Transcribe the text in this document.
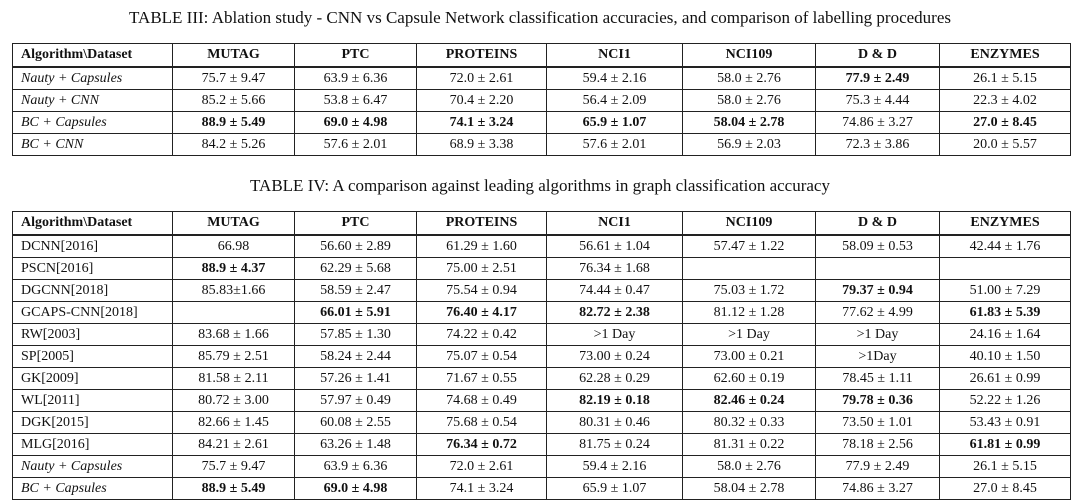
TABLE III: Ablation study - CNN vs Capsule Network classification accuracies, and comparison of labelling procedures
Algorithm\Dataset	MUTAG	PTC	PROTEINS	NCI1	NCI109	D & D	ENZYMES
Nauty + Capsules	75.7 ± 9.47	63.9 ± 6.36	72.0 ± 2.61	59.4 ± 2.16	58.0 ± 2.76	77.9 ± 2.49	26.1 ± 5.15
Nauty + CNN	85.2 ± 5.66	53.8 ± 6.47	70.4 ± 2.20	56.4 ± 2.09	58.0 ± 2.76	75.3 ± 4.44	22.3 ± 4.02
BC + Capsules	88.9 ± 5.49	69.0 ± 4.98	74.1 ± 3.24	65.9 ± 1.07	58.04 ± 2.78	74.86 ± 3.27	27.0 ± 8.45
BC + CNN	84.2 ± 5.26	57.6 ± 2.01	68.9 ± 3.38	57.6 ± 2.01	56.9 ± 2.03	72.3 ± 3.86	20.0 ± 5.57
TABLE IV: A comparison against leading algorithms in graph classification accuracy
Algorithm\Dataset	MUTAG	PTC	PROTEINS	NCI1	NCI109	D & D	ENZYMES
DCNN[2016]	66.98	56.60 ± 2.89	61.29 ± 1.60	56.61 ± 1.04	57.47 ± 1.22	58.09 ± 0.53	42.44 ± 1.76
PSCN[2016]	88.9 ± 4.37	62.29 ± 5.68	75.00 ± 2.51	76.34 ± 1.68			
DGCNN[2018]	85.83±1.66	58.59 ± 2.47	75.54 ± 0.94	74.44 ± 0.47	75.03 ± 1.72	79.37 ± 0.94	51.00 ± 7.29
GCAPS-CNN[2018]		66.01 ± 5.91	76.40 ± 4.17	82.72 ± 2.38	81.12 ± 1.28	77.62 ± 4.99	61.83 ± 5.39
RW[2003]	83.68 ± 1.66	57.85 ± 1.30	74.22 ± 0.42	>1 Day	>1 Day	>1 Day	24.16 ± 1.64
SP[2005]	85.79 ± 2.51	58.24 ± 2.44	75.07 ± 0.54	73.00 ± 0.24	73.00 ± 0.21	>1Day	40.10 ± 1.50
GK[2009]	81.58 ± 2.11	57.26 ± 1.41	71.67 ± 0.55	62.28 ± 0.29	62.60 ± 0.19	78.45 ± 1.11	26.61 ± 0.99
WL[2011]	80.72 ± 3.00	57.97 ± 0.49	74.68 ± 0.49	82.19 ± 0.18	82.46 ± 0.24	79.78 ± 0.36	52.22 ± 1.26
DGK[2015]	82.66 ± 1.45	60.08 ± 2.55	75.68 ± 0.54	80.31 ± 0.46	80.32 ± 0.33	73.50 ± 1.01	53.43 ± 0.91
MLG[2016]	84.21 ± 2.61	63.26 ± 1.48	76.34 ± 0.72	81.75 ± 0.24	81.31 ± 0.22	78.18 ± 2.56	61.81 ± 0.99
Nauty + Capsules	75.7 ± 9.47	63.9 ± 6.36	72.0 ± 2.61	59.4 ± 2.16	58.0 ± 2.76	77.9 ± 2.49	26.1 ± 5.15
BC + Capsules	88.9 ± 5.49	69.0 ± 4.98	74.1 ± 3.24	65.9 ± 1.07	58.04 ± 2.78	74.86 ± 3.27	27.0 ± 8.45
